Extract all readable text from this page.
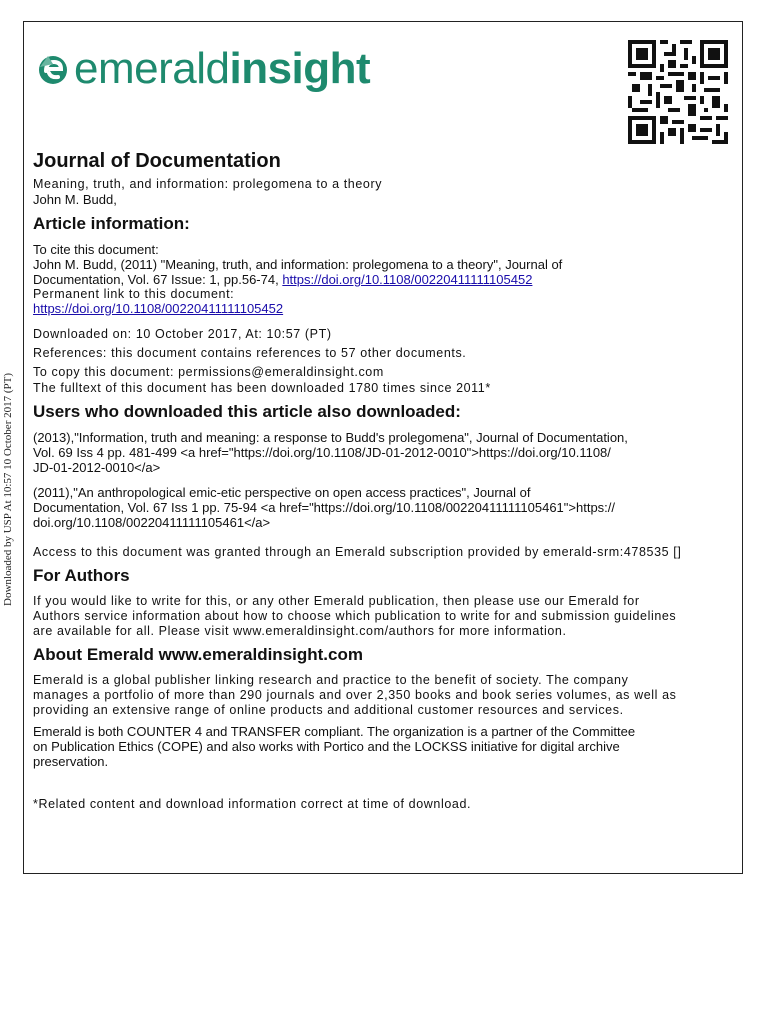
Downloaded by USP At 10:57 10 October 2017 (PT)
emeraldinsight
Journal of Documentation

Meaning, truth, and information: prolegomena to a theory

John M. Budd,

Article information:

To cite this document:

John M. Budd, (2011) "Meaning, truth, and information: prolegomena to a theory", Journal of

Documentation, Vol. 67 Issue: 1, pp.56-74, https://doi.org/10.1108/00220411111105452

Permanent link to this document:

https://doi.org/10.1108/00220411111105452

Downloaded on: 10 October 2017, At: 10:57 (PT)

References: this document contains references to 57 other documents.

To copy this document: permissions@emeraldinsight.com

The fulltext of this document has been downloaded 1780 times since 2011*

Users who downloaded this article also downloaded:

(2013),"Information, truth and meaning: a response to Budd's prolegomena", Journal of Documentation,

Vol. 69 Iss 4 pp. 481-499 <a href="https://doi.org/10.1108/JD-01-2012-0010">https://doi.org/10.1108/

JD-01-2012-0010</a>

(2011),"An anthropological emic-etic perspective on open access practices", Journal of

Documentation, Vol. 67 Iss 1 pp. 75-94 <a href="https://doi.org/10.1108/00220411111105461">https://

doi.org/10.1108/00220411111105461</a>

Access to this document was granted through an Emerald subscription provided by emerald-srm:478535 []

For Authors

If you would like to write for this, or any other Emerald publication, then please use our Emerald for

Authors service information about how to choose which publication to write for and submission guidelines

are available for all. Please visit www.emeraldinsight.com/authors for more information.

About Emerald www.emeraldinsight.com

Emerald is a global publisher linking research and practice to the benefit of society. The company

manages a portfolio of more than 290 journals and over 2,350 books and book series volumes, as well as

providing an extensive range of online products and additional customer resources and services.

Emerald is both COUNTER 4 and TRANSFER compliant. The organization is a partner of the Committee

on Publication Ethics (COPE) and also works with Portico and the LOCKSS initiative for digital archive

preservation.

*Related content and download information correct at time of download.
